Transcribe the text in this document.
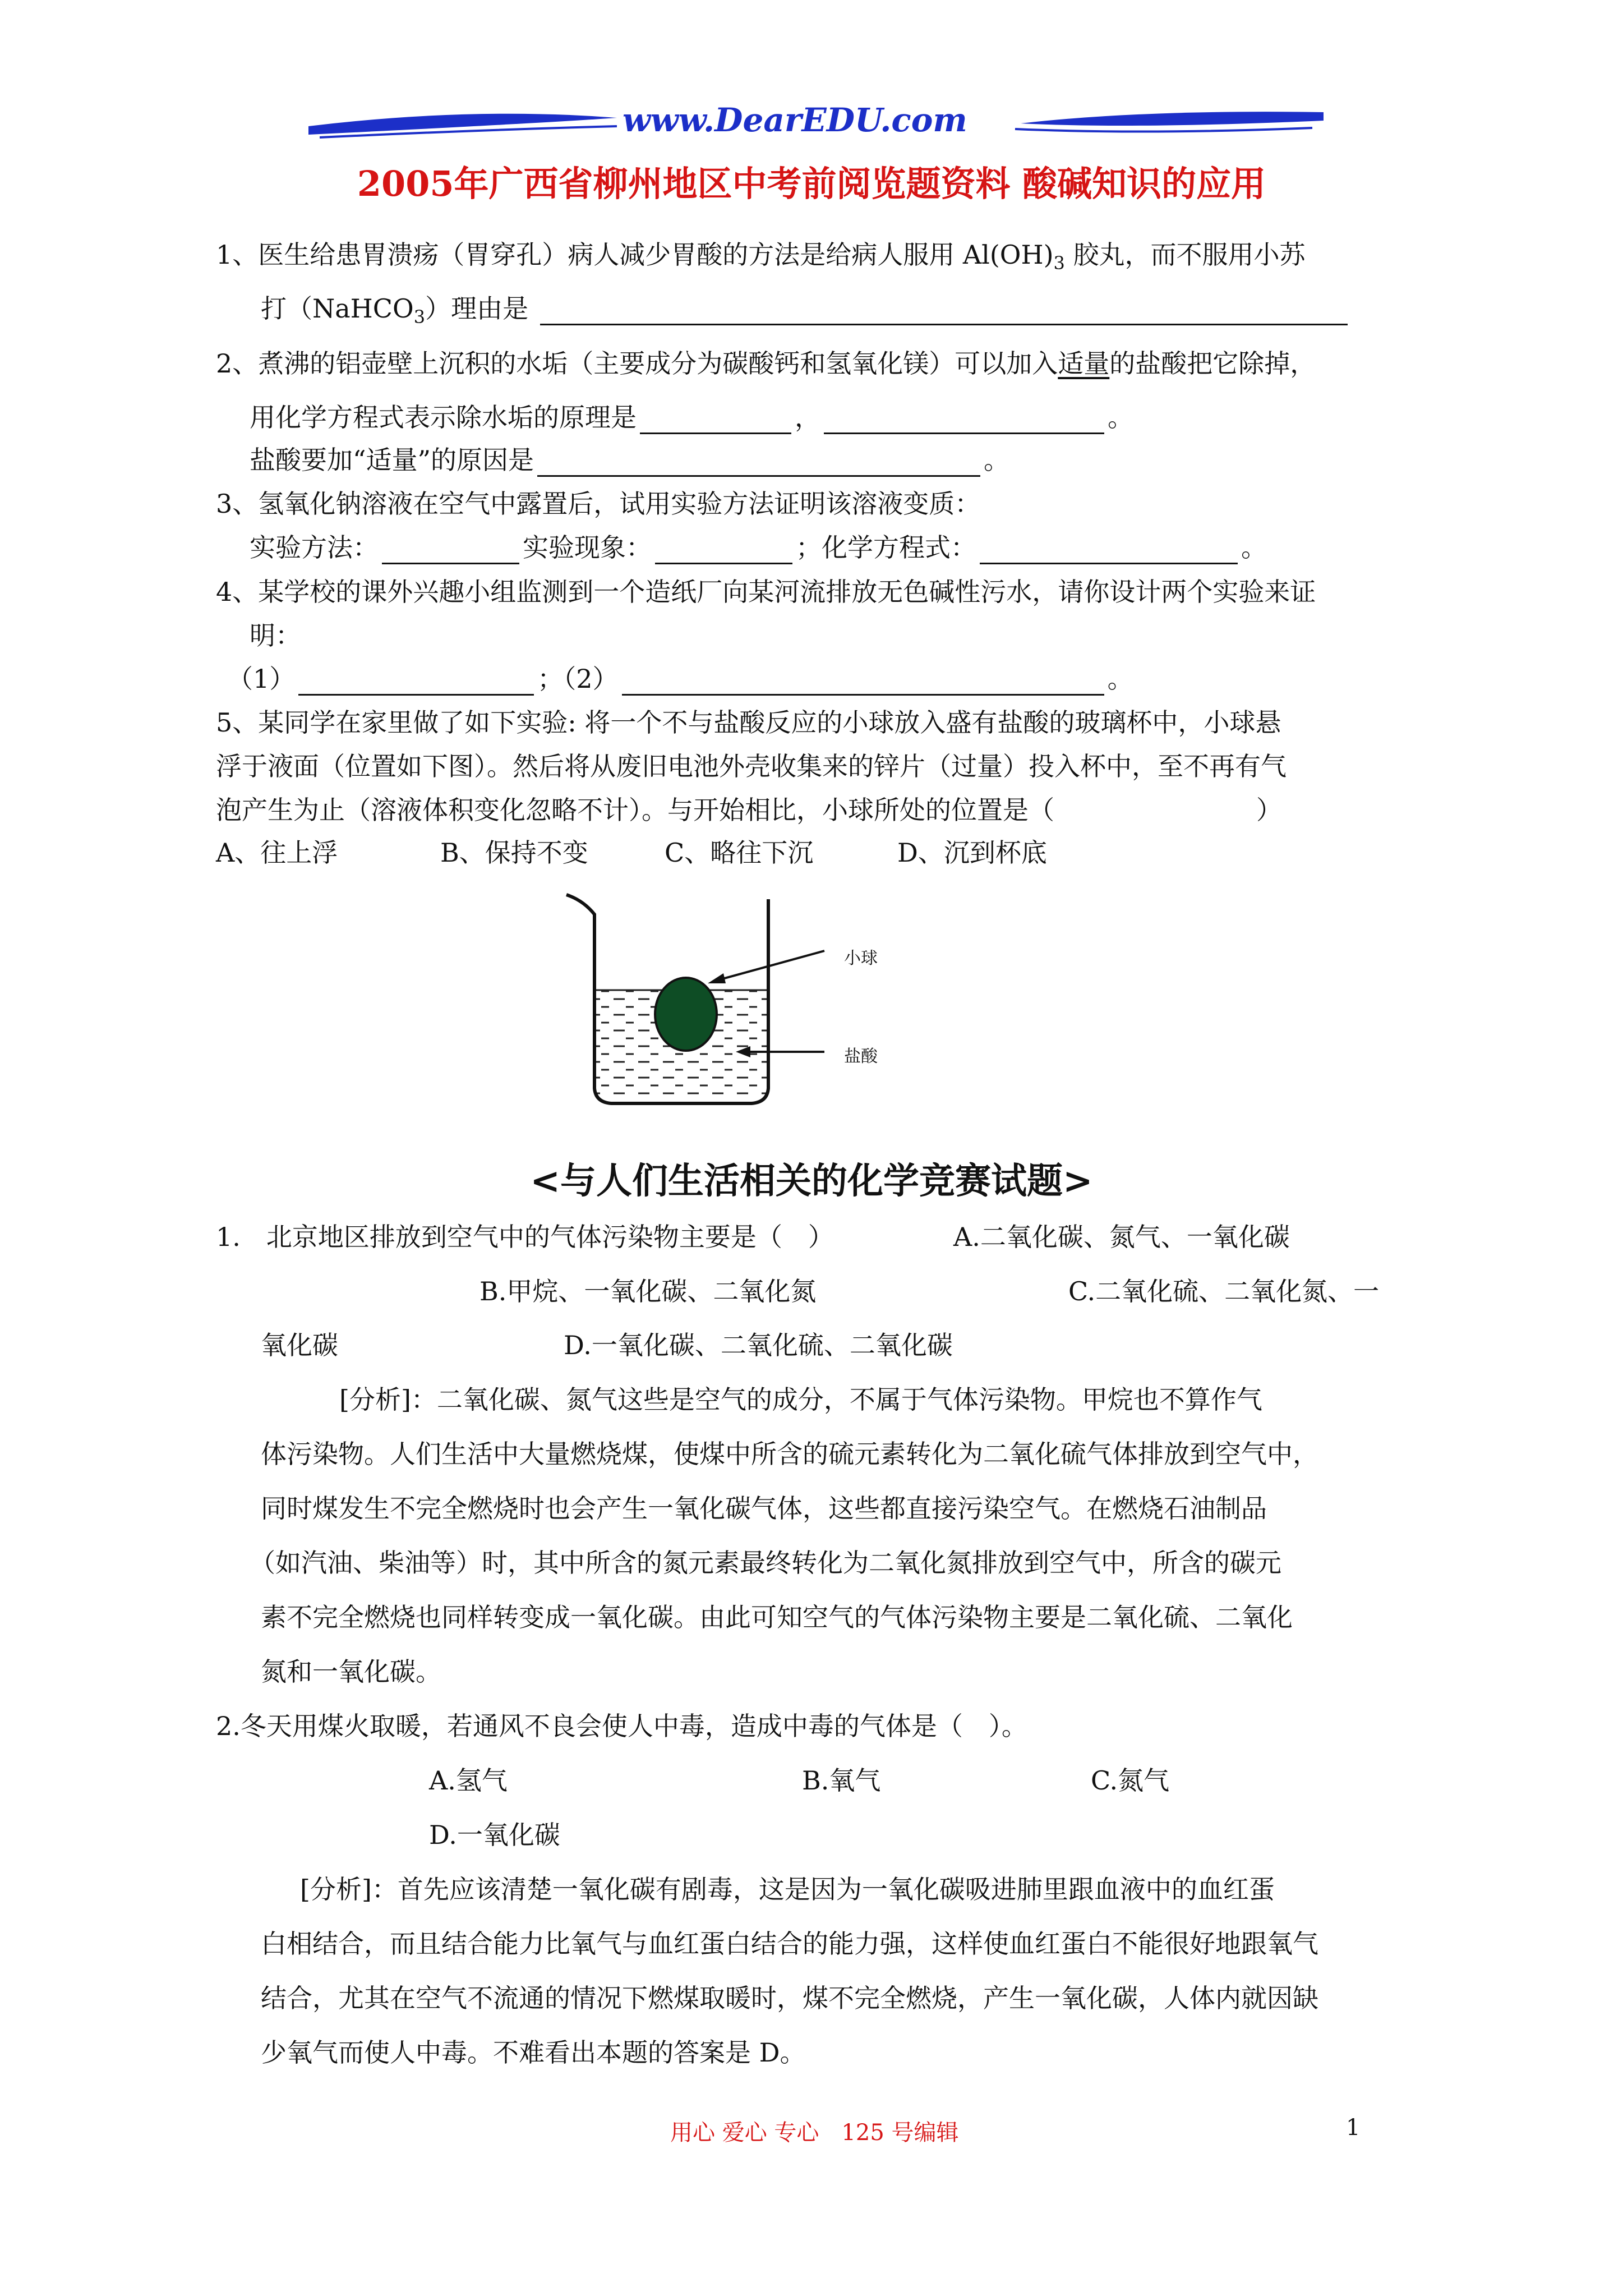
www.DearEDU.com
2005年广西省柳州地区中考前阅览题资料 酸碱知识的应用
1、医生给患胃溃疡（胃穿孔）病人减少胃酸的方法是给病人服用 $Al(OH)_3$ 胶丸，而不服用小苏
打（NaHCO$_3$）理由是
2、煮沸的铝壶壁上沉积的水垢（主要成分为碳酸钙和氢氧化镁）可以加入适量的盐酸把它除掉，
用化学方程式表示除水垢的原理是	，	。
盐酸要加“适量”的原因是	。
3、氢氧化钠溶液在空气中露置后，试用实验方法证明该溶液变质：
实验方法：	实验现象：	；化学方程式：	。
4、某学校的课外兴趣小组监测到一个造纸厂向某河流排放无色碱性污水，请你设计两个实验来证
明：
（1）	；（2）	。
5、某同学在家里做了如下实验: 将一个不与盐酸反应的小球放入盛有盐酸的玻璃杯中，小球悬
浮于液面（位置如下图）。然后将从废旧电池外壳收集来的锌片（过量）投入杯中，至不再有气
泡产生为止（溶液体积变化忽略不计）。与开始相比，小球所处的位置是（	）
A、往上浮	B、保持不变	C、略往下沉	D、沉到杯底
小球
盐酸
<与人们生活相关的化学竞赛试题>
1.　北京地区排放到空气中的气体污染物主要是（　）	A.二氧化碳、氮气、一氧化碳
B.甲烷、一氧化碳、二氧化氮	C.二氧化硫、二氧化氮、一
氧化碳	D.一氧化碳、二氧化硫、二氧化碳
[分析]：二氧化碳、氮气这些是空气的成分，不属于气体污染物。甲烷也不算作气
体污染物。人们生活中大量燃烧煤，使煤中所含的硫元素转化为二氧化硫气体排放到空气中，
同时煤发生不完全燃烧时也会产生一氧化碳气体，这些都直接污染空气。在燃烧石油制品
（如汽油、柴油等）时，其中所含的氮元素最终转化为二氧化氮排放到空气中，所含的碳元
素不完全燃烧也同样转变成一氧化碳。由此可知空气的气体污染物主要是二氧化硫、二氧化
氮和一氧化碳。
2.冬天用煤火取暖，若通风不良会使人中毒，造成中毒的气体是（　）。
A.氢气	B.氧气	C.氮气
D.一氧化碳
[分析]：首先应该清楚一氧化碳有剧毒，这是因为一氧化碳吸进肺里跟血液中的血红蛋
白相结合，而且结合能力比氧气与血红蛋白结合的能力强，这样使血红蛋白不能很好地跟氧气
结合，尤其在空气不流通的情况下燃煤取暖时，煤不完全燃烧，产生一氧化碳，人体内就因缺
少氧气而使人中毒。不难看出本题的答案是 D。
用心 爱心 专心　125 号编辑	1
